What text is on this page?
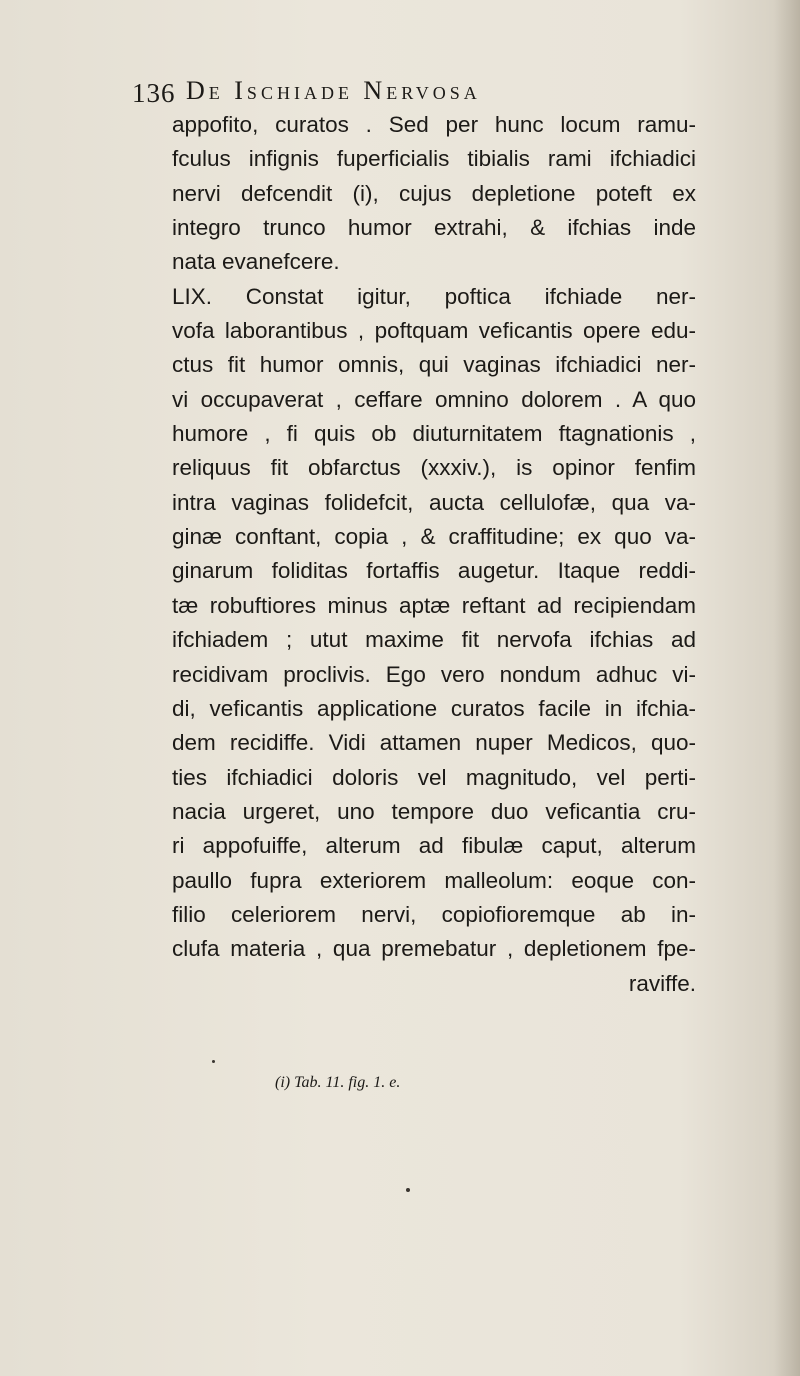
136 De Ischiade Nervosa
appofito, curatos . Sed per hunc locum ramu-
fculus infignis fuperficialis tibialis rami ifchiadici
nervi defcendit (i), cujus depletione poteft ex
integro trunco humor extrahi, & ifchias inde
nata evanefcere.
LIX. Constat igitur, poftica ifchiade ner-
vofa laborantibus , poftquam veficantis opere edu-
ctus fit humor omnis, qui vaginas ifchiadici ner-
vi occupaverat , ceffare omnino dolorem . A quo
humore , fi quis ob diuturnitatem ftagnationis ,
reliquus fit obfarctus (xxxiv.), is opinor fenfim
intra vaginas folidefcit, aucta cellulofæ, qua va-
ginæ conftant, copia , & craffitudine; ex quo va-
ginarum foliditas fortaffis augetur. Itaque reddi-
tæ robuftiores minus aptæ reftant ad recipiendam
ifchiadem ; utut maxime fit nervofa ifchias ad
recidivam proclivis. Ego vero nondum adhuc vi-
di, veficantis applicatione curatos facile in ifchia-
dem recidiffe. Vidi attamen nuper Medicos, quo-
ties ifchiadici doloris vel magnitudo, vel perti-
nacia urgeret, uno tempore duo veficantia cru-
ri appofuiffe, alterum ad fibulæ caput, alterum
paullo fupra exteriorem malleolum: eoque con-
filio celeriorem nervi, copiofioremque ab in-
clufa materia , qua premebatur , depletionem fpe-
raviffe.
(i) Tab. 11. fig. 1. e.
